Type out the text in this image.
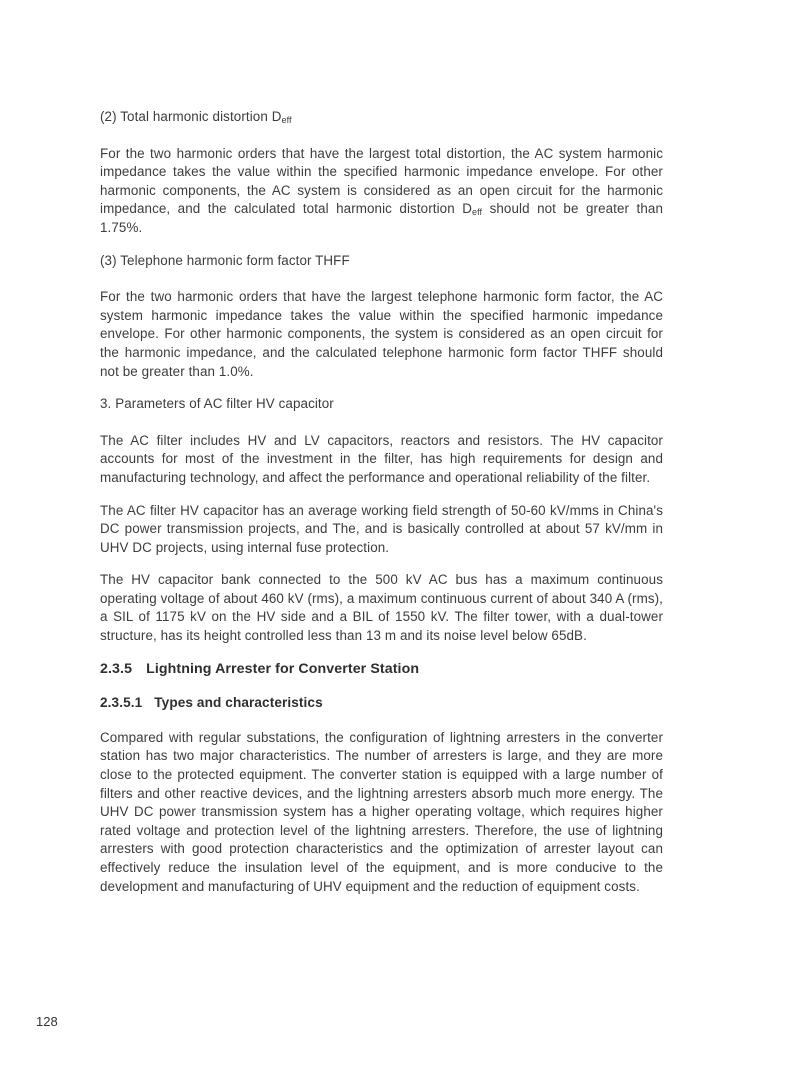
(2) Total harmonic distortion $D_{eff}$

For the two harmonic orders that have the largest total distortion, the AC system harmonic impedance takes the value within the specified harmonic impedance envelope. For other harmonic components, the AC system is considered as an open circuit for the harmonic impedance, and the calculated total harmonic distortion $D_{eff}$ should not be greater than 1.75%.

(3) Telephone harmonic form factor THFF

For the two harmonic orders that have the largest telephone harmonic form factor, the AC system harmonic impedance takes the value within the specified harmonic impedance envelope. For other harmonic components, the system is considered as an open circuit for the harmonic impedance, and the calculated telephone harmonic form factor THFF should not be greater than 1.0%.

3. Parameters of AC filter HV capacitor

The AC filter includes HV and LV capacitors, reactors and resistors. The HV capacitor accounts for most of the investment in the filter, has high requirements for design and manufacturing technology, and affect the performance and operational reliability of the filter.

The AC filter HV capacitor has an average working field strength of 50-60 kV/mms in China's DC power transmission projects, and The, and is basically controlled at about 57 kV/mm in UHV DC projects, using internal fuse protection.

The HV capacitor bank connected to the 500 kV AC bus has a maximum continuous operating voltage of about 460 kV (rms), a maximum continuous current of about 340 A (rms), a SIL of 1175 kV on the HV side and a BIL of 1550 kV. The filter tower, with a dual-tower structure, has its height controlled less than 13 m and its noise level below 65dB.

2.3.5 Lightning Arrester for Converter Station
2.3.5.1 Types and characteristics

Compared with regular substations, the configuration of lightning arresters in the converter station has two major characteristics. The number of arresters is large, and they are more close to the protected equipment. The converter station is equipped with a large number of filters and other reactive devices, and the lightning arresters absorb much more energy. The UHV DC power transmission system has a higher operating voltage, which requires higher rated voltage and protection level of the lightning arresters. Therefore, the use of lightning arresters with good protection characteristics and the optimization of arrester layout can effectively reduce the insulation level of the equipment, and is more conducive to the development and manufacturing of UHV equipment and the reduction of equipment costs.

128
